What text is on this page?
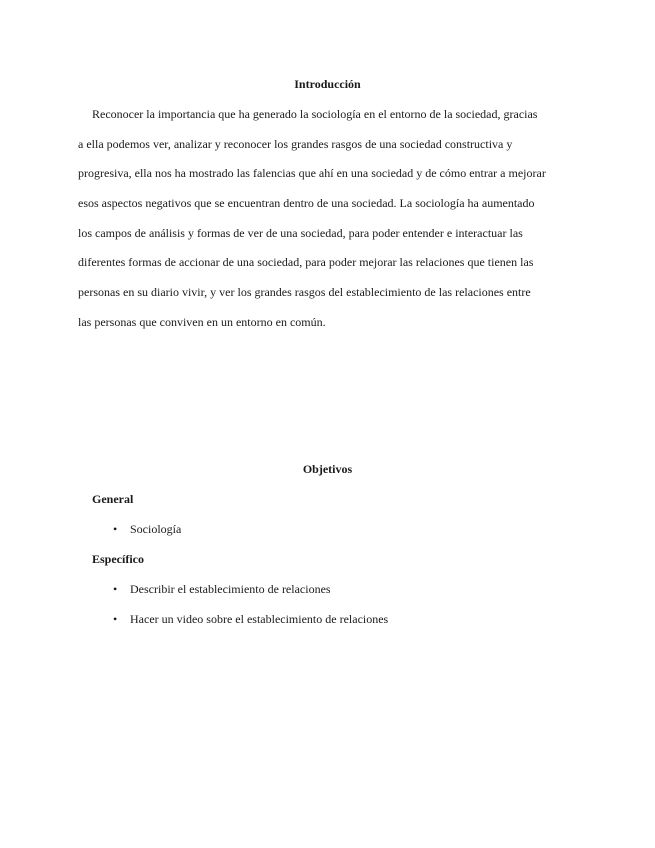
Introducción
Reconocer la importancia que ha generado la sociología en el entorno de la sociedad, gracias
a ella podemos ver, analizar y reconocer los grandes rasgos de una sociedad constructiva y
progresiva, ella nos ha mostrado las falencias que ahí en una sociedad y de cómo entrar a mejorar
esos aspectos negativos que se encuentran dentro de una sociedad. La sociología ha aumentado
los campos de análisis y formas de ver de una sociedad, para poder entender e interactuar las
diferentes formas de accionar de una sociedad, para poder mejorar las relaciones que tienen las
personas en su diario vivir, y ver los grandes rasgos del establecimiento de las relaciones entre
las personas que conviven en un entorno en común.
Objetivos
General
• Sociología
Específico
• Describir el establecimiento de relaciones
• Hacer un video sobre el establecimiento de relaciones
